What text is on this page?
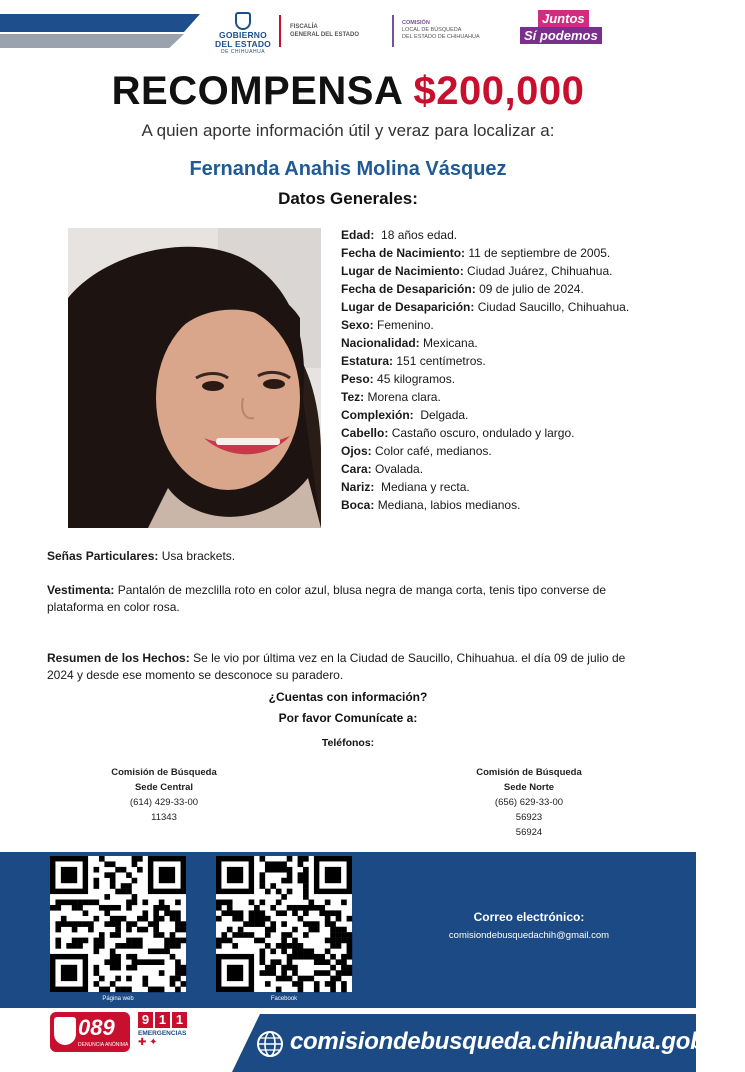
GOBIERNO
DEL ESTADO
DE CHIHUAHUA
FISCALÍA
GENERAL DEL ESTADO
COMISIÓN
LOCAL DE BÚSQUEDA
DEL ESTADO DE CHIHUAHUA
Juntos
Sí podemos
RECOMPENSA $200,000
A quien aporte información útil y veraz para localizar a:
Fernanda Anahis Molina Vásquez
Datos Generales:
Edad: 18 años edad.
Fecha de Nacimiento: 11 de septiembre de 2005.
Lugar de Nacimiento: Ciudad Juárez, Chihuahua.
Fecha de Desaparición: 09 de julio de 2024.
Lugar de Desaparición: Ciudad Saucillo, Chihuahua.
Sexo: Femenino.
Nacionalidad: Mexicana.
Estatura: 151 centímetros.
Peso: 45 kilogramos.
Tez: Morena clara.
Complexión: Delgada.
Cabello: Castaño oscuro, ondulado y largo.
Ojos: Color café, medianos.
Cara: Ovalada.
Nariz: Mediana y recta.
Boca: Mediana, labios medianos.
Señas Particulares: Usa brackets.
Vestimenta: Pantalón de mezclilla roto en color azul, blusa negra de manga corta, tenis tipo converse de plataforma en color rosa.
Resumen de los Hechos: Se le vio por última vez en la Ciudad de Saucillo, Chihuahua. el día 09 de julio de 2024 y desde ese momento se desconoce su paradero.
¿Cuentas con información?
Por favor Comunícate a:
Teléfonos:
Comisión de Búsqueda
Sede Central
(614) 429-33-00
11343
Comisión de Búsqueda
Sede Norte
(656) 629-33-00
56923
56924
Página web	Facebook
Correo electrónico:
comisiondebusquedachih@gmail.com
089
DENUNCIA ANÓNIMA
9 1 1
EMERGENCIAS
✚ ✦	comisiondebusqueda.chihuahua.gob.mx
